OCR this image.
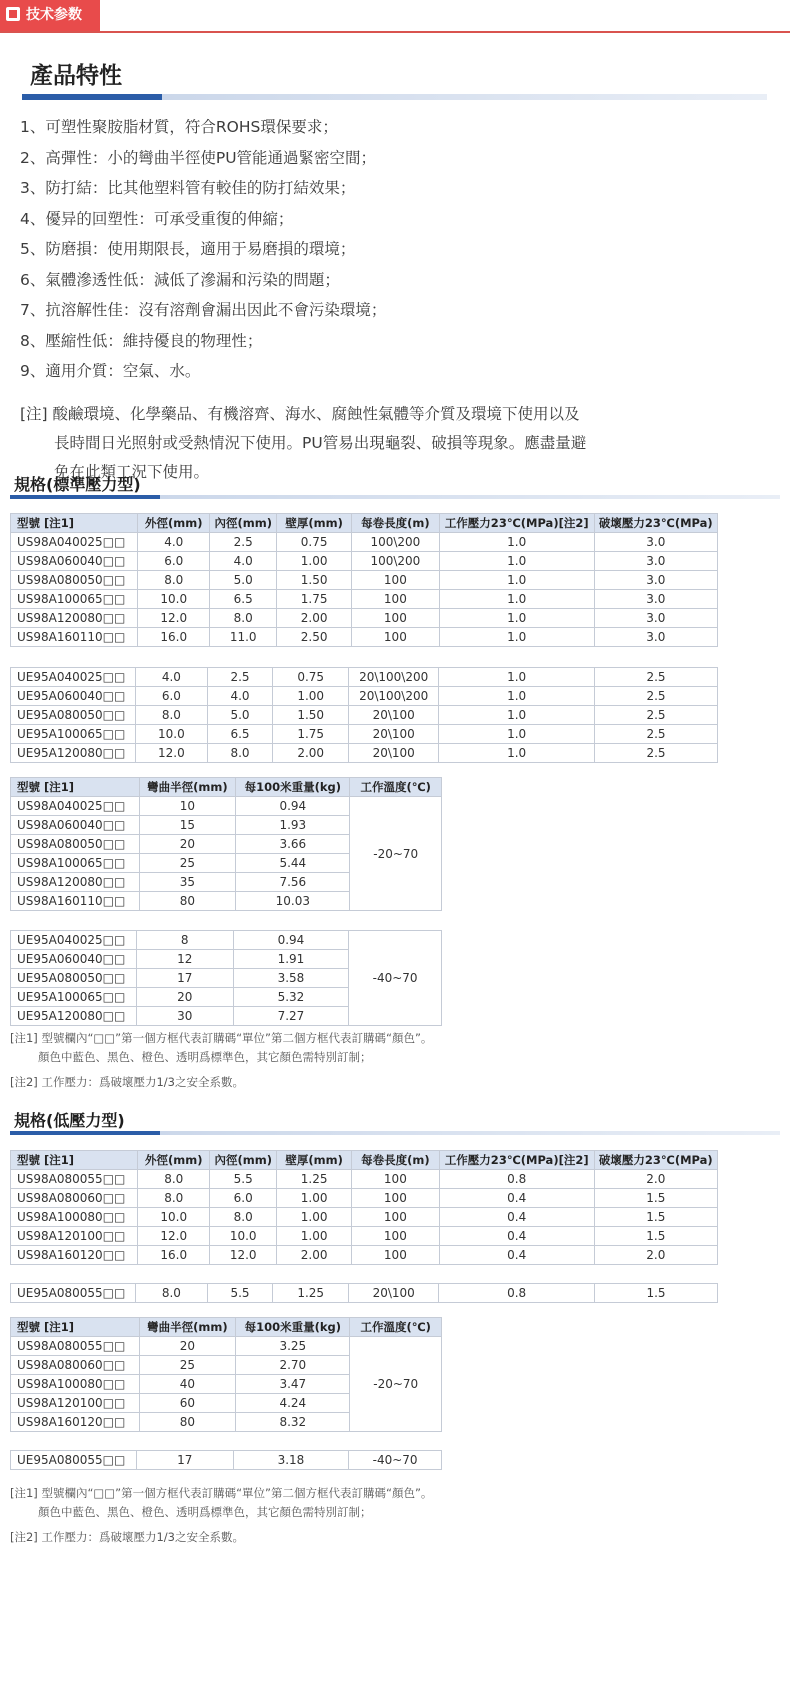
技术参数
產品特性
1、可塑性聚胺脂材質，符合ROHS環保要求；
2、高彈性：小的彎曲半徑使PU管能通過緊密空間；
3、防打結：比其他塑料管有較佳的防打結效果；
4、優异的回塑性：可承受重復的伸縮；
5、防磨損：使用期限長，適用于易磨損的環境；
6、氣體滲透性低：減低了滲漏和污染的問題；
7、抗溶解性佳：沒有溶劑會漏出因此不會污染環境；
8、壓縮性低：維持優良的物理性；
9、適用介質：空氣、水。
[注] 酸鹼環境、化學藥品、有機溶齊、海水、腐蝕性氣體等介質及環境下使用以及
長時間日光照射或受熱情況下使用。PU管易出現龜裂、破損等現象。應盡量避
免在此類工況下使用。
規格(標準壓力型)
型號 [注1]	外徑(mm)	內徑(mm)	壁厚(mm)	每卷長度(m)	工作壓力23℃(MPa)[注2]	破壞壓力23℃(MPa)
US98A040025□□	4.0	2.5	0.75	100\200	1.0	3.0
US98A060040□□	6.0	4.0	1.00	100\200	1.0	3.0
US98A080050□□	8.0	5.0	1.50	100	1.0	3.0
US98A100065□□	10.0	6.5	1.75	100	1.0	3.0
US98A120080□□	12.0	8.0	2.00	100	1.0	3.0
US98A160110□□	16.0	11.0	2.50	100	1.0	3.0
UE95A040025□□	4.0	2.5	0.75	20\100\200	1.0	2.5
UE95A060040□□	6.0	4.0	1.00	20\100\200	1.0	2.5
UE95A080050□□	8.0	5.0	1.50	20\100	1.0	2.5
UE95A100065□□	10.0	6.5	1.75	20\100	1.0	2.5
UE95A120080□□	12.0	8.0	2.00	20\100	1.0	2.5
型號 [注1]	彎曲半徑(mm)	每100米重量(kg)	工作溫度(℃)
US98A040025□□	10	0.94	-20~70
US98A060040□□	15	1.93	
US98A080050□□	20	3.66	
US98A100065□□	25	5.44	
US98A120080□□	35	7.56	
US98A160110□□	80	10.03	
UE95A040025□□	8	0.94	-40~70
UE95A060040□□	12	1.91	
UE95A080050□□	17	3.58	
UE95A100065□□	20	5.32	
UE95A120080□□	30	7.27	
[注1] 型號欄內“□□”第一個方框代表訂購碼“單位”第二個方框代表訂購碼“顏色”。
顏色中藍色、黑色、橙色、透明爲標準色，其它顏色需特別訂制；
[注2] 工作壓力：爲破壞壓力1/3之安全系數。
規格(低壓力型)
型號 [注1]	外徑(mm)	內徑(mm)	壁厚(mm)	每卷長度(m)	工作壓力23℃(MPa)[注2]	破壞壓力23℃(MPa)
US98A080055□□	8.0	5.5	1.25	100	0.8	2.0
US98A080060□□	8.0	6.0	1.00	100	0.4	1.5
US98A100080□□	10.0	8.0	1.00	100	0.4	1.5
US98A120100□□	12.0	10.0	1.00	100	0.4	1.5
US98A160120□□	16.0	12.0	2.00	100	0.4	2.0
UE95A080055□□	8.0	5.5	1.25	20\100	0.8	1.5
型號 [注1]	彎曲半徑(mm)	每100米重量(kg)	工作溫度(℃)
US98A080055□□	20	3.25	-20~70
US98A080060□□	25	2.70	
US98A100080□□	40	3.47	
US98A120100□□	60	4.24	
US98A160120□□	80	8.32	
UE95A080055□□	17	3.18	-40~70
[注1] 型號欄內“□□”第一個方框代表訂購碼“單位”第二個方框代表訂購碼“顏色”。
顏色中藍色、黑色、橙色、透明爲標準色，其它顏色需特別訂制；
[注2] 工作壓力：爲破壞壓力1/3之安全系數。
